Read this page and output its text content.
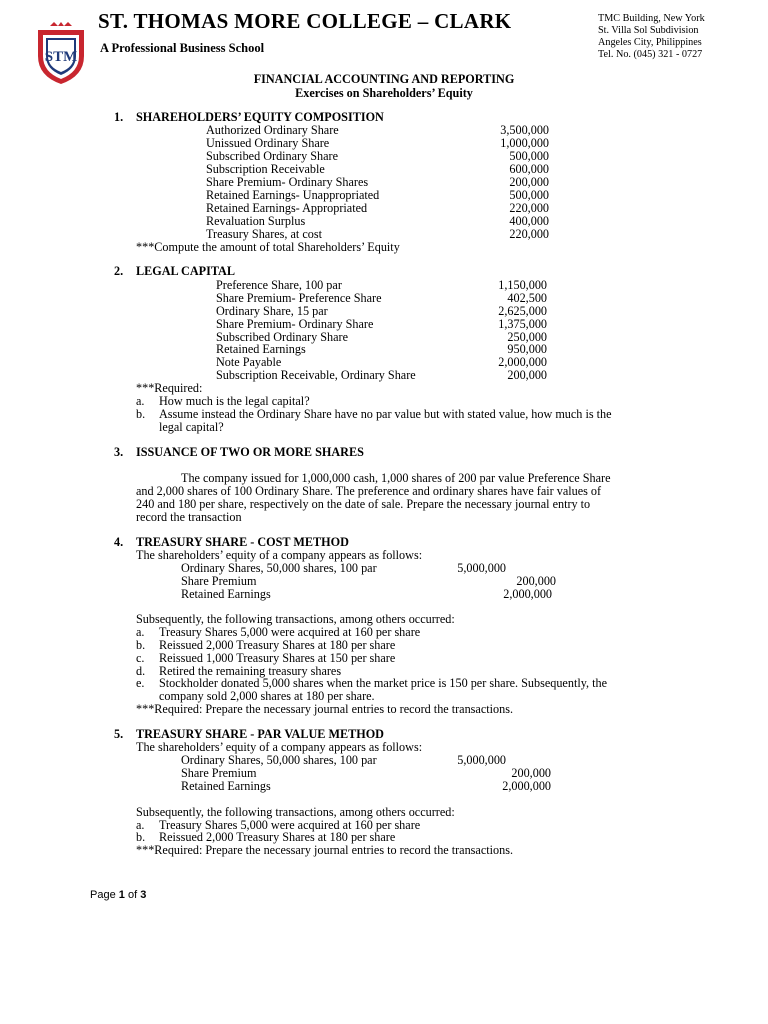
STM
ST. THOMAS MORE COLLEGE – CLARK
A Professional Business School
TMC Building, New York
St. Villa Sol Subdivision
Angeles City, Philippines
Tel. No. (045) 321 - 0727
FINANCIAL ACCOUNTING AND REPORTING
Exercises on Shareholders’ Equity
1. SHAREHOLDERS’ EQUITY COMPOSITION
Authorized Ordinary Share	3,500,000
Unissued Ordinary Share	1,000,000
Subscribed Ordinary Share	500,000
Subscription Receivable	600,000
Share Premium- Ordinary Shares	200,000
Retained Earnings- Unappropriated	500,000
Retained Earnings- Appropriated	220,000
Revaluation Surplus	400,000
Treasury Shares, at cost	220,000
***Compute the amount of total Shareholders’ Equity
2. LEGAL CAPITAL
Preference Share, 100 par	1,150,000
Share Premium- Preference Share	402,500
Ordinary Share, 15 par	2,625,000
Share Premium- Ordinary Share	1,375,000
Subscribed Ordinary Share	250,000
Retained Earnings	950,000
Note Payable	2,000,000
Subscription Receivable, Ordinary Share	200,000
***Required:
a. How much is the legal capital?
b. Assume instead the Ordinary Share have no par value but with stated value, how much is the
legal capital?
3. ISSUANCE OF TWO OR MORE SHARES
The company issued for 1,000,000 cash, 1,000 shares of 200 par value Preference Share
and 2,000 shares of 100 Ordinary Share. The preference and ordinary shares have fair values of
240 and 180 per share, respectively on the date of sale. Prepare the necessary journal entry to
record the transaction
4. TREASURY SHARE - COST METHOD
The shareholders’ equity of a company appears as follows:
Ordinary Shares, 50,000 shares, 100 par	5,000,000
Share Premium	200,000
Retained Earnings	2,000,000
Subsequently, the following transactions, among others occurred:
a. Treasury Shares 5,000 were acquired at 160 per share
b. Reissued 2,000 Treasury Shares at 180 per share
c. Reissued 1,000 Treasury Shares at 150 per share
d. Retired the remaining treasury shares
e. Stockholder donated 5,000 shares when the market price is 150 per share. Subsequently, the
company sold 2,000 shares at 180 per share.
***Required: Prepare the necessary journal entries to record the transactions.
5. TREASURY SHARE - PAR VALUE METHOD
The shareholders’ equity of a company appears as follows:
Ordinary Shares, 50,000 shares, 100 par	5,000,000
Share Premium	200,000
Retained Earnings	2,000,000
Subsequently, the following transactions, among others occurred:
a. Treasury Shares 5,000 were acquired at 160 per share
b. Reissued 2,000 Treasury Shares at 180 per share
***Required: Prepare the necessary journal entries to record the transactions.
Page 1 of 3
